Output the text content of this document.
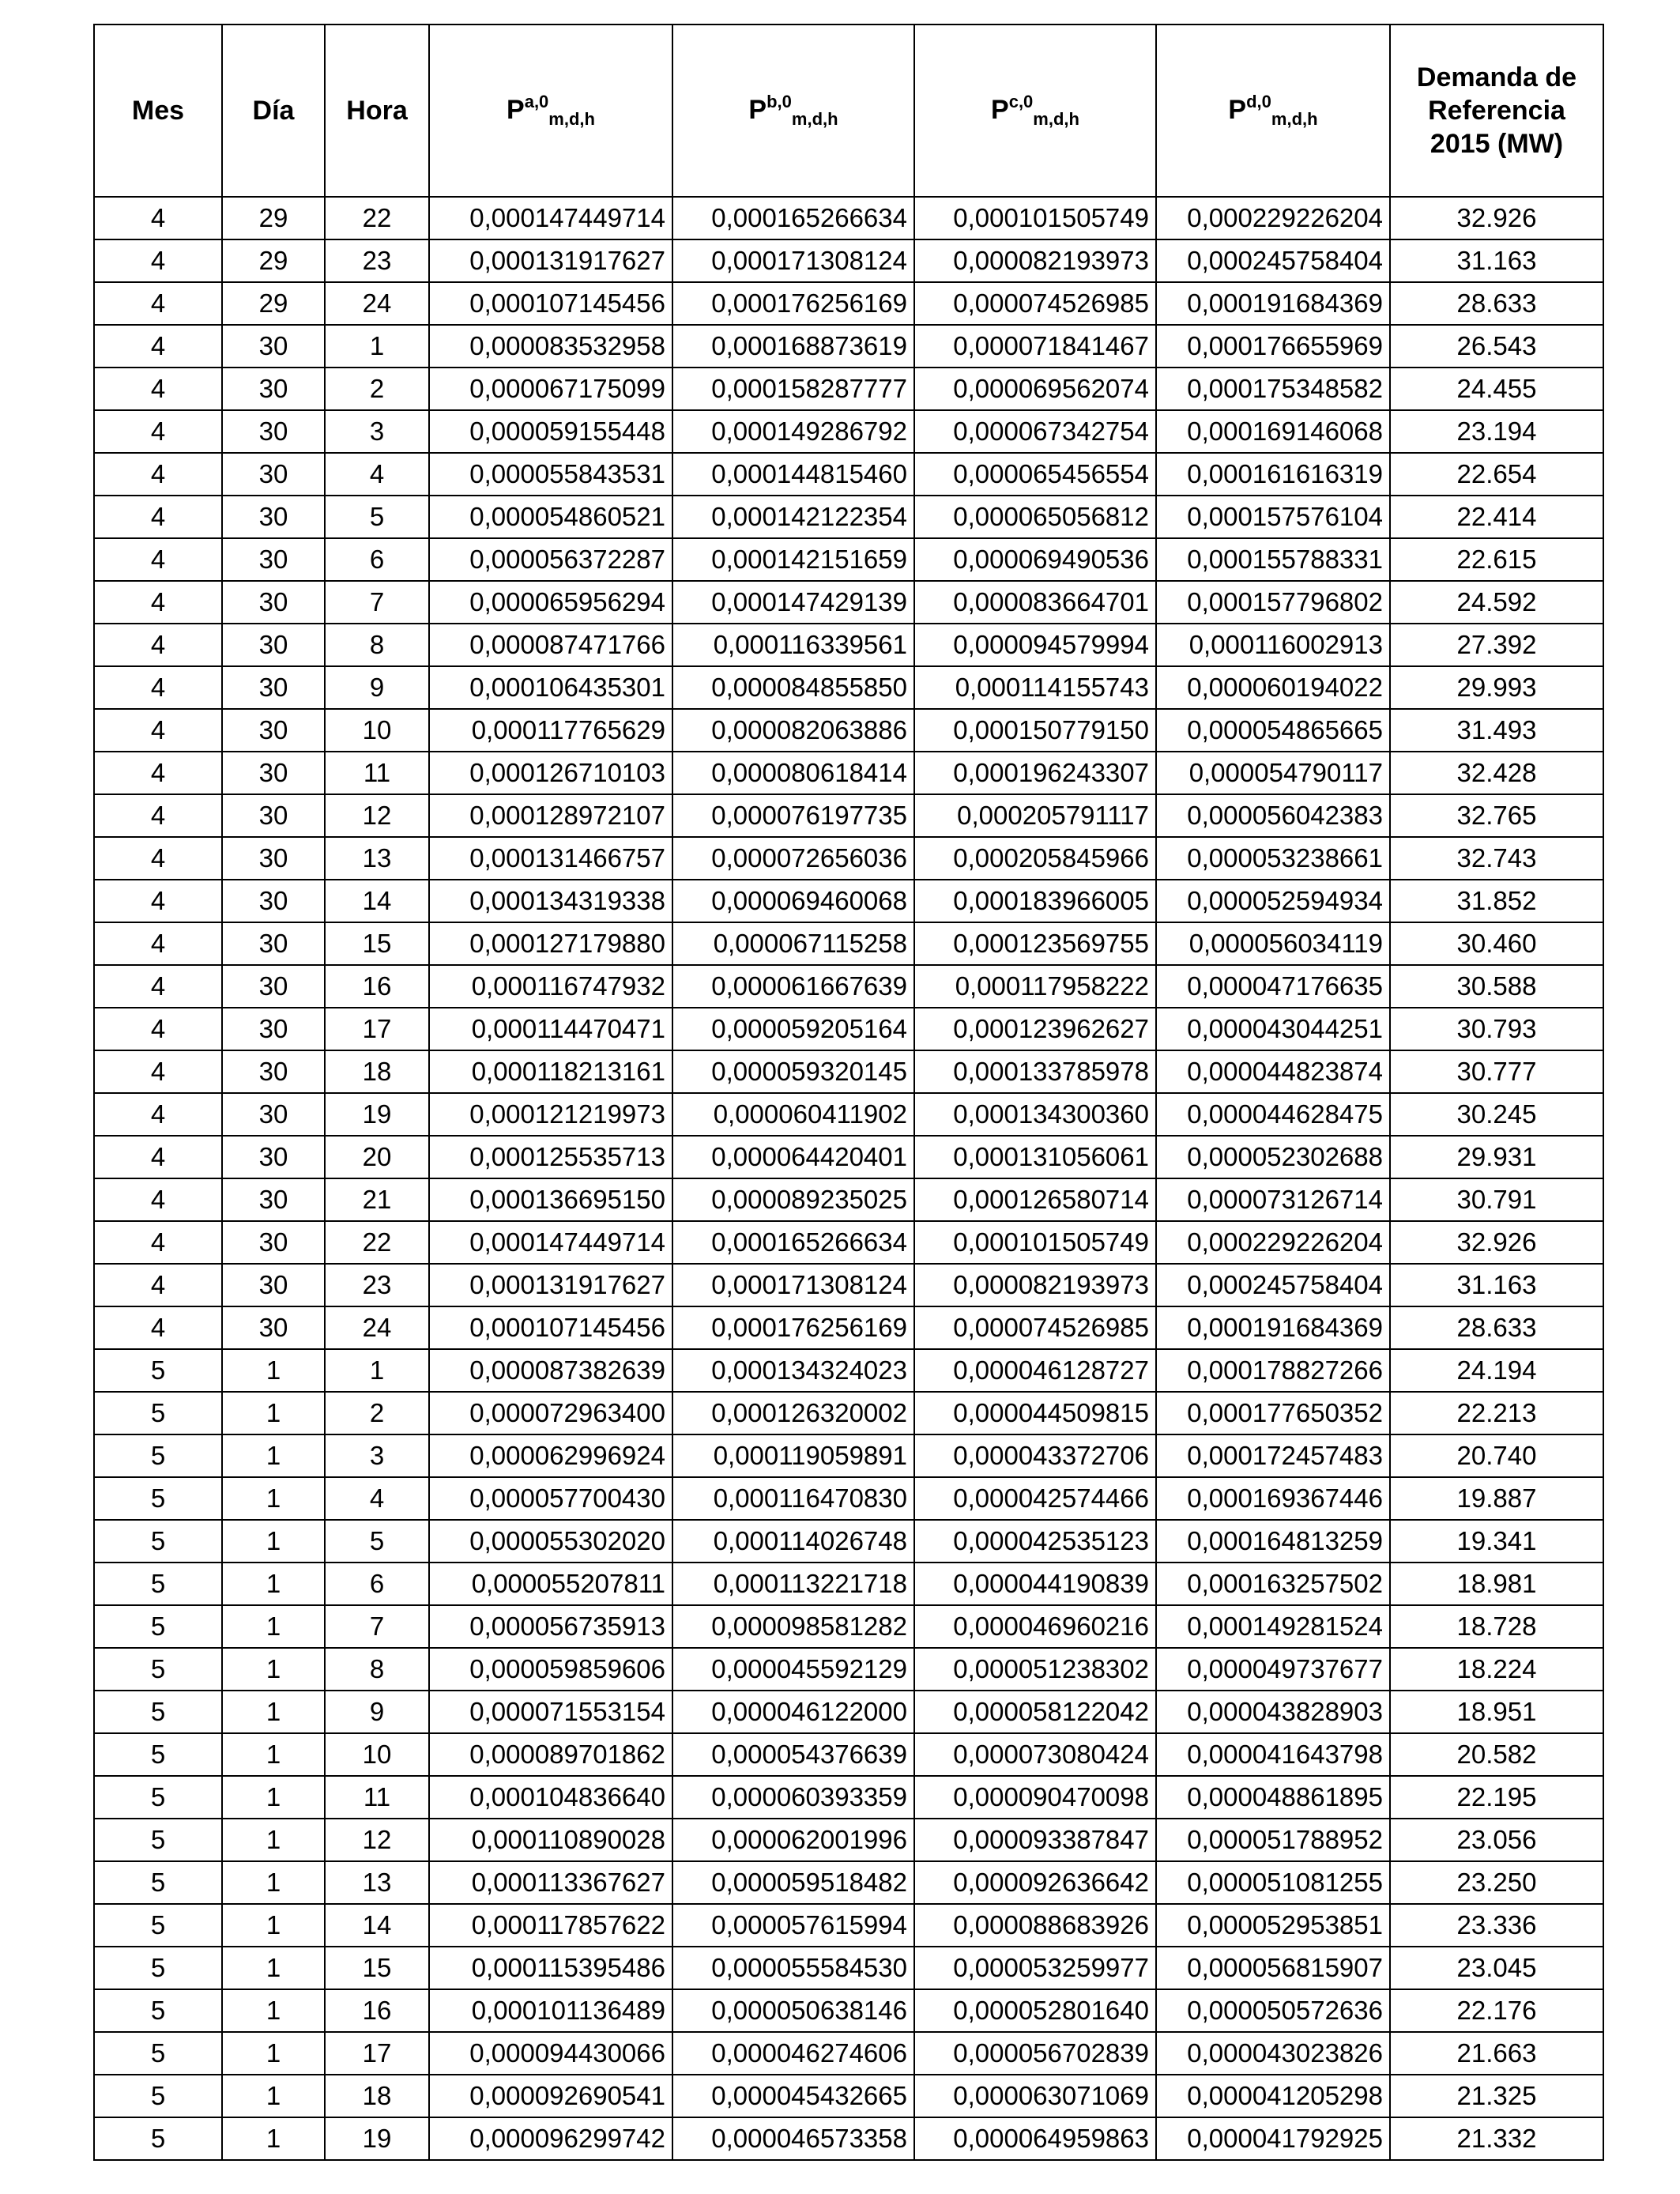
Mes	Día	Hora	P$^{a,0}_{m,d,h}$	P$^{b,0}_{m,d,h}$	P$^{c,0}_{m,d,h}$	P$^{d,0}_{m,d,h}$	Demanda de
Referencia
2015 (MW)

4	29	22	0,000147449714	0,000165266634	0,000101505749	0,000229226204	32.926
4	29	23	0,000131917627	0,000171308124	0,000082193973	0,000245758404	31.163
4	29	24	0,000107145456	0,000176256169	0,000074526985	0,000191684369	28.633
4	30	1	0,000083532958	0,000168873619	0,000071841467	0,000176655969	26.543
4	30	2	0,000067175099	0,000158287777	0,000069562074	0,000175348582	24.455
4	30	3	0,000059155448	0,000149286792	0,000067342754	0,000169146068	23.194
4	30	4	0,000055843531	0,000144815460	0,000065456554	0,000161616319	22.654
4	30	5	0,000054860521	0,000142122354	0,000065056812	0,000157576104	22.414
4	30	6	0,000056372287	0,000142151659	0,000069490536	0,000155788331	22.615
4	30	7	0,000065956294	0,000147429139	0,000083664701	0,000157796802	24.592
4	30	8	0,000087471766	0,000116339561	0,000094579994	0,000116002913	27.392
4	30	9	0,000106435301	0,000084855850	0,000114155743	0,000060194022	29.993
4	30	10	0,000117765629	0,000082063886	0,000150779150	0,000054865665	31.493
4	30	11	0,000126710103	0,000080618414	0,000196243307	0,000054790117	32.428
4	30	12	0,000128972107	0,000076197735	0,000205791117	0,000056042383	32.765
4	30	13	0,000131466757	0,000072656036	0,000205845966	0,000053238661	32.743
4	30	14	0,000134319338	0,000069460068	0,000183966005	0,000052594934	31.852
4	30	15	0,000127179880	0,000067115258	0,000123569755	0,000056034119	30.460
4	30	16	0,000116747932	0,000061667639	0,000117958222	0,000047176635	30.588
4	30	17	0,000114470471	0,000059205164	0,000123962627	0,000043044251	30.793
4	30	18	0,000118213161	0,000059320145	0,000133785978	0,000044823874	30.777
4	30	19	0,000121219973	0,000060411902	0,000134300360	0,000044628475	30.245
4	30	20	0,000125535713	0,000064420401	0,000131056061	0,000052302688	29.931
4	30	21	0,000136695150	0,000089235025	0,000126580714	0,000073126714	30.791
4	30	22	0,000147449714	0,000165266634	0,000101505749	0,000229226204	32.926
4	30	23	0,000131917627	0,000171308124	0,000082193973	0,000245758404	31.163
4	30	24	0,000107145456	0,000176256169	0,000074526985	0,000191684369	28.633
5	1	1	0,000087382639	0,000134324023	0,000046128727	0,000178827266	24.194
5	1	2	0,000072963400	0,000126320002	0,000044509815	0,000177650352	22.213
5	1	3	0,000062996924	0,000119059891	0,000043372706	0,000172457483	20.740
5	1	4	0,000057700430	0,000116470830	0,000042574466	0,000169367446	19.887
5	1	5	0,000055302020	0,000114026748	0,000042535123	0,000164813259	19.341
5	1	6	0,000055207811	0,000113221718	0,000044190839	0,000163257502	18.981
5	1	7	0,000056735913	0,000098581282	0,000046960216	0,000149281524	18.728
5	1	8	0,000059859606	0,000045592129	0,000051238302	0,000049737677	18.224
5	1	9	0,000071553154	0,000046122000	0,000058122042	0,000043828903	18.951
5	1	10	0,000089701862	0,000054376639	0,000073080424	0,000041643798	20.582
5	1	11	0,000104836640	0,000060393359	0,000090470098	0,000048861895	22.195
5	1	12	0,000110890028	0,000062001996	0,000093387847	0,000051788952	23.056
5	1	13	0,000113367627	0,000059518482	0,000092636642	0,000051081255	23.250
5	1	14	0,000117857622	0,000057615994	0,000088683926	0,000052953851	23.336
5	1	15	0,000115395486	0,000055584530	0,000053259977	0,000056815907	23.045
5	1	16	0,000101136489	0,000050638146	0,000052801640	0,000050572636	22.176
5	1	17	0,000094430066	0,000046274606	0,000056702839	0,000043023826	21.663
5	1	18	0,000092690541	0,000045432665	0,000063071069	0,000041205298	21.325
5	1	19	0,000096299742	0,000046573358	0,000064959863	0,000041792925	21.332
